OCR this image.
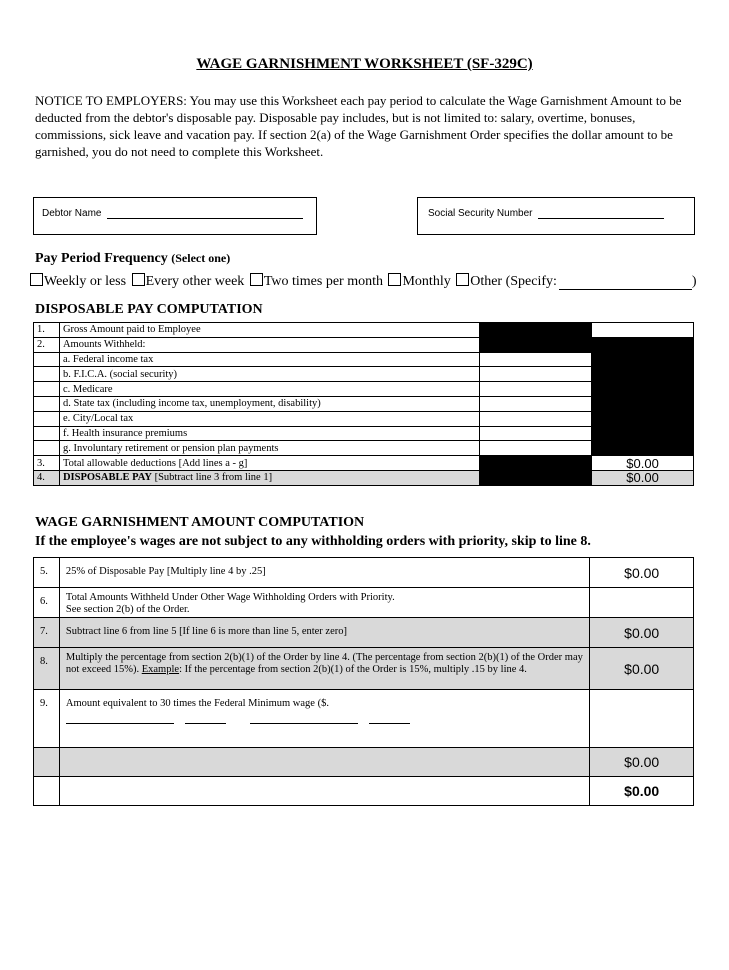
WAGE GARNISHMENT WORKSHEET (SF-329C)
NOTICE TO EMPLOYERS: You may use this Worksheet each pay period to calculate the Wage Garnishment Amount to be deducted from the debtor's disposable pay. Disposable pay includes, but is not limited to: salary, overtime, bonuses, commissions, sick leave and vacation pay. If section 2(a) of the Wage Garnishment Order specifies the dollar amount to be garnished, you do not need to complete this Worksheet.
Debtor Name	Social Security Number
Pay Period Frequency (Select one)
Weekly or less Every other week Two times per month Monthly Other (Specify:	)
DISPOSABLE PAY COMPUTATION
1.	Gross Amount paid to Employee		
2.	Amounts Withheld:		
	a. Federal income tax		
	b. F.I.C.A. (social security)		
	c. Medicare		
	d. State tax (including income tax, unemployment, disability)		
	e. City/Local tax		
	f. Health insurance premiums		
	g. Involuntary retirement or pension plan payments		
3.	Total allowable deductions [Add lines a - g]		$0.00
4.	DISPOSABLE PAY [Subtract line 3 from line 1]		$0.00
WAGE GARNISHMENT AMOUNT COMPUTATION
If the employee's wages are not subject to any withholding orders with priority, skip to line 8.
5.	25% of Disposable Pay [Multiply line 4 by .25]	$0.00
6.	Total Amounts Withheld Under Other Wage Withholding Orders with Priority.
See section 2(b) of the Order.	

7.	Subtract line 6 from line 5 [If line 6 is more than line 5, enter zero]	$0.00
8.	Multiply the percentage from section 2(b)(1) of the Order by line 4. (The percentage from section 2(b)(1) of the Order may not exceed 15%). Example: If the percentage from section 2(b)(1) of the Order is 15%, multiply .15 by line 4.	$0.00
9.	Amount equivalent to 30 times the Federal Minimum wage ($.	

		$0.00
		$0.00
